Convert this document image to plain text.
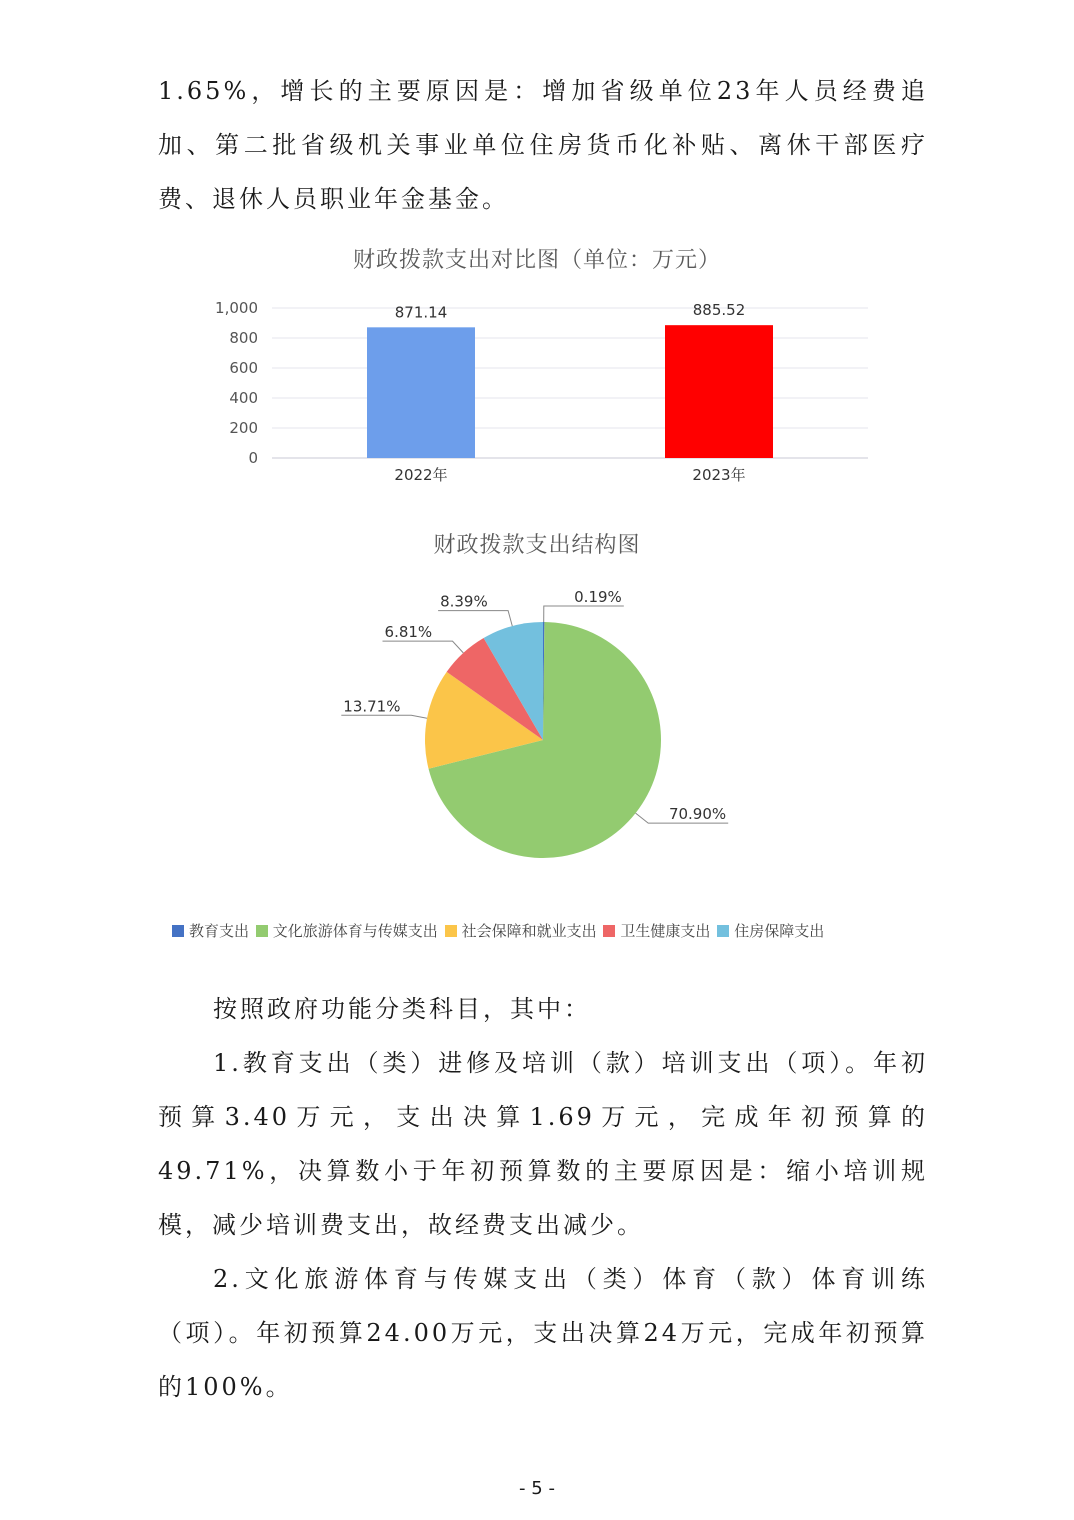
1.65%，增长的主要原因是：增加省级单位23年人员经费追加、第二批省级机关事业单位住房货币化补贴、离休干部医疗费、退休人员职业年金基金。

财政拨款支出对比图（单位：万元）
0
200
400
600
800
1,000	871.14	885.52
2022年	2023年
财政拨款支出结构图
0.19%
70.90%
13.71%
6.81%
8.39%
教育支出 文化旅游体育与传媒支出 社会保障和就业支出 卫生健康支出 住房保障支出

按照政府功能分类科目，其中：

1.教育支出（类）进修及培训（款）培训支出（项）。年初预算3.40万元，支出决算1.69万元，完成年初预算的49.71%，决算数小于年初预算数的主要原因是：缩小培训规模，减少培训费支出，故经费支出减少。

2.文化旅游体育与传媒支出（类）体育（款）体育训练（项）。年初预算24.00万元，支出决算24万元，完成年初预算的100%。

- 5 -
